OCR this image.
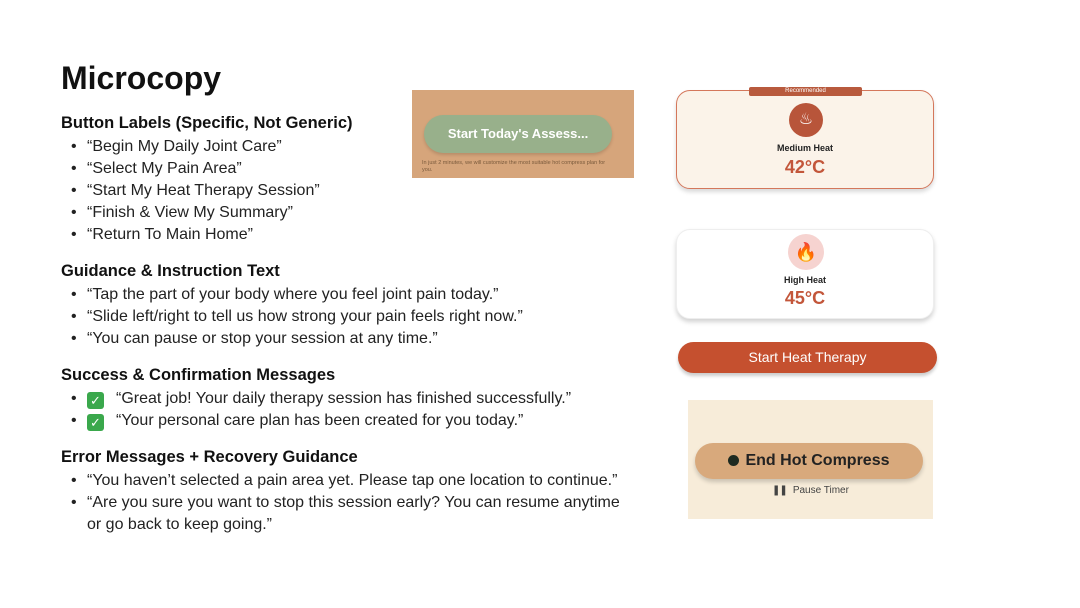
Microcopy
Button Labels (Specific, Not Generic)
• “Begin My Daily Joint Care”
• “Select My Pain Area”
• “Start My Heat Therapy Session”
• “Finish & View My Summary”
• “Return To Main Home”
Guidance & Instruction Text
• “Tap the part of your body where you feel joint pain today.”
• “Slide left/right to tell us how strong your pain feels right now.”
• “You can pause or stop your session at any time.”
Success & Confirmation Messages
• ✓ “Great job! Your daily therapy session has finished successfully.”
• ✓ “Your personal care plan has been created for you today.”
Error Messages + Recovery Guidance
• “You haven’t selected a pain area yet. Please tap one location to continue.”
• “Are you sure you want to stop this session early? You can resume anytime or go back to keep going.”
Start Today's Assess...
In just 2 minutes, we will customize the most suitable hot compress plan for you.
Recommended
♨
Medium Heat
42°C
🔥
High Heat
45°C
Start Heat Therapy
End Hot Compress
❚❚ Pause Timer
